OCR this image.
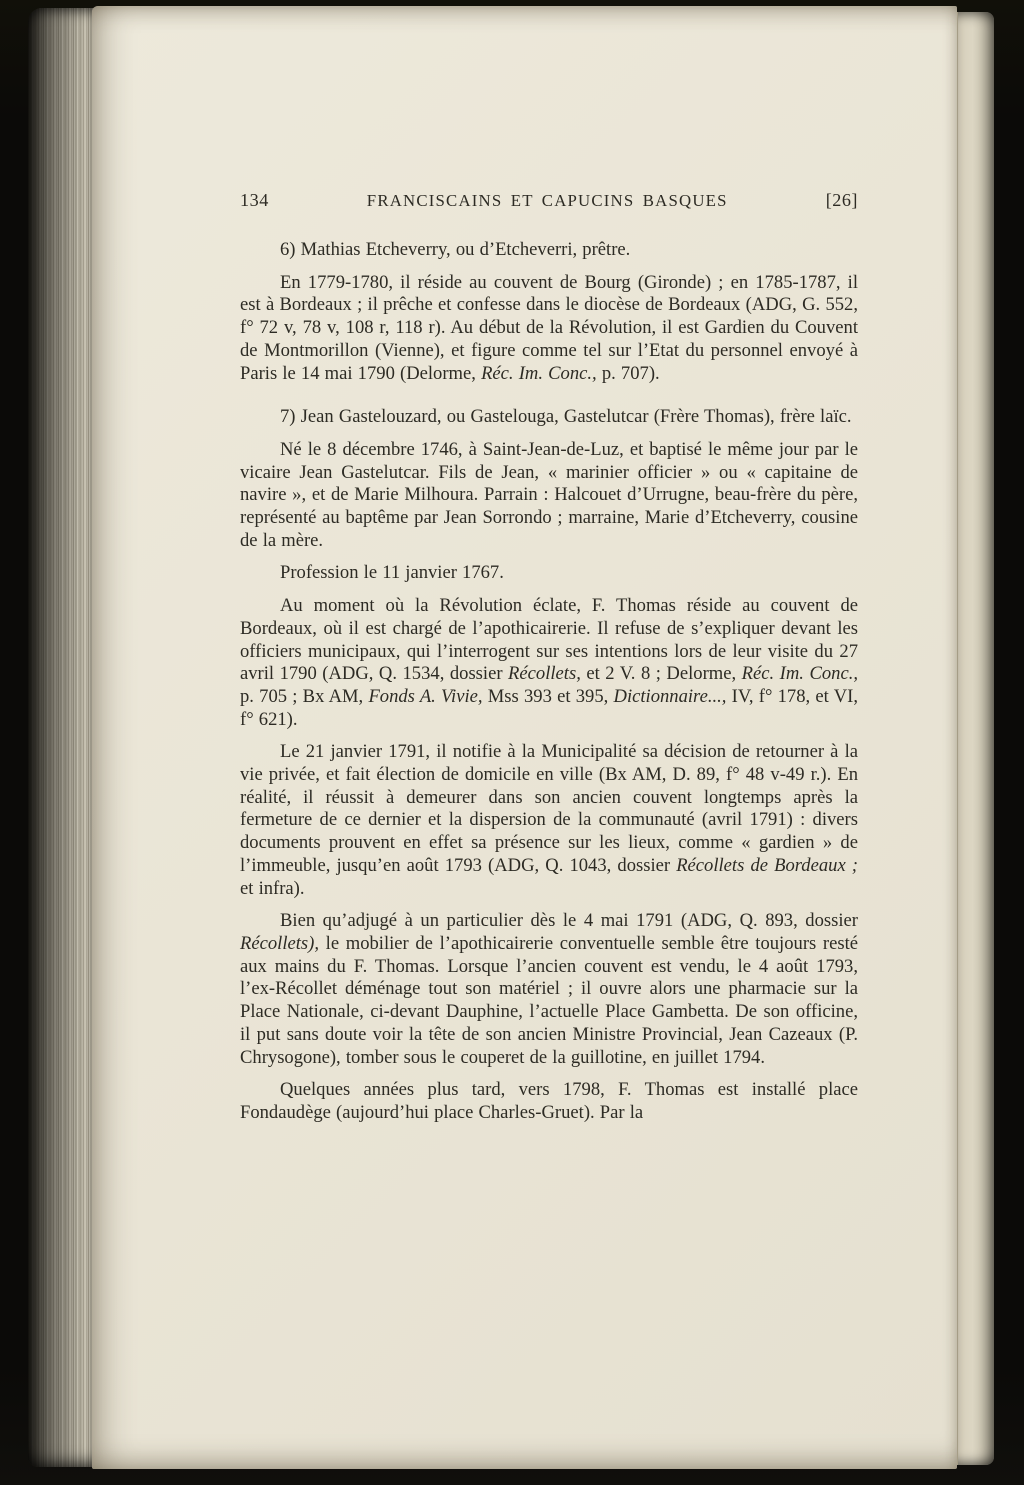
134	FRANCISCAINS ET CAPUCINS BASQUES	[26]

6) Mathias Etcheverry, ou d’Etcheverri, prêtre.

En 1779-1780, il réside au couvent de Bourg (Gironde) ; en 1785-1787, il est à Bordeaux ; il prêche et confesse dans le diocèse de Bordeaux (ADG, G. 552, f° 72 v, 78 v, 108 r, 118 r). Au début de la Révolution, il est Gardien du Couvent de Montmorillon (Vienne), et figure comme tel sur l’Etat du personnel envoyé à Paris le 14 mai 1790 (Delorme, Réc. Im. Conc., p. 707).

7) Jean Gastelouzard, ou Gastelouga, Gastelutcar (Frère Thomas), frère laïc.

Né le 8 décembre 1746, à Saint-Jean-de-Luz, et baptisé le même jour par le vicaire Jean Gastelutcar. Fils de Jean, « marinier officier » ou « capitaine de navire », et de Marie Milhoura. Parrain : Halcouet d’Urrugne, beau-frère du père, représenté au baptême par Jean Sorrondo ; marraine, Marie d’Etcheverry, cousine de la mère.

Profession le 11 janvier 1767.

Au moment où la Révolution éclate, F. Thomas réside au couvent de Bordeaux, où il est chargé de l’apothicairerie. Il refuse de s’expliquer devant les officiers municipaux, qui l’interrogent sur ses intentions lors de leur visite du 27 avril 1790 (ADG, Q. 1534, dossier Récollets, et 2 V. 8 ; Delorme, Réc. Im. Conc., p. 705 ; Bx AM, Fonds A. Vivie, Mss 393 et 395, Dictionnaire..., IV, f° 178, et VI, f° 621).

Le 21 janvier 1791, il notifie à la Municipalité sa décision de retourner à la vie privée, et fait élection de domicile en ville (Bx AM, D. 89, f° 48 v-49 r.). En réalité, il réussit à demeurer dans son ancien couvent longtemps après la fermeture de ce dernier et la dispersion de la communauté (avril 1791) : divers documents prouvent en effet sa présence sur les lieux, comme « gardien » de l’immeuble, jusqu’en août 1793 (ADG, Q. 1043, dossier Récollets de Bordeaux ; et infra).

Bien qu’adjugé à un particulier dès le 4 mai 1791 (ADG, Q. 893, dossier Récollets), le mobilier de l’apothicairerie conventuelle semble être toujours resté aux mains du F. Thomas. Lorsque l’ancien couvent est vendu, le 4 août 1793, l’ex-Récollet déménage tout son matériel ; il ouvre alors une pharmacie sur la Place Nationale, ci-devant Dauphine, l’actuelle Place Gambetta. De son officine, il put sans doute voir la tête de son ancien Ministre Provincial, Jean Cazeaux (P. Chrysogone), tomber sous le couperet de la guillotine, en juillet 1794.

Quelques années plus tard, vers 1798, F. Thomas est installé place Fondaudège (aujourd’hui place Charles-Gruet). Par la
